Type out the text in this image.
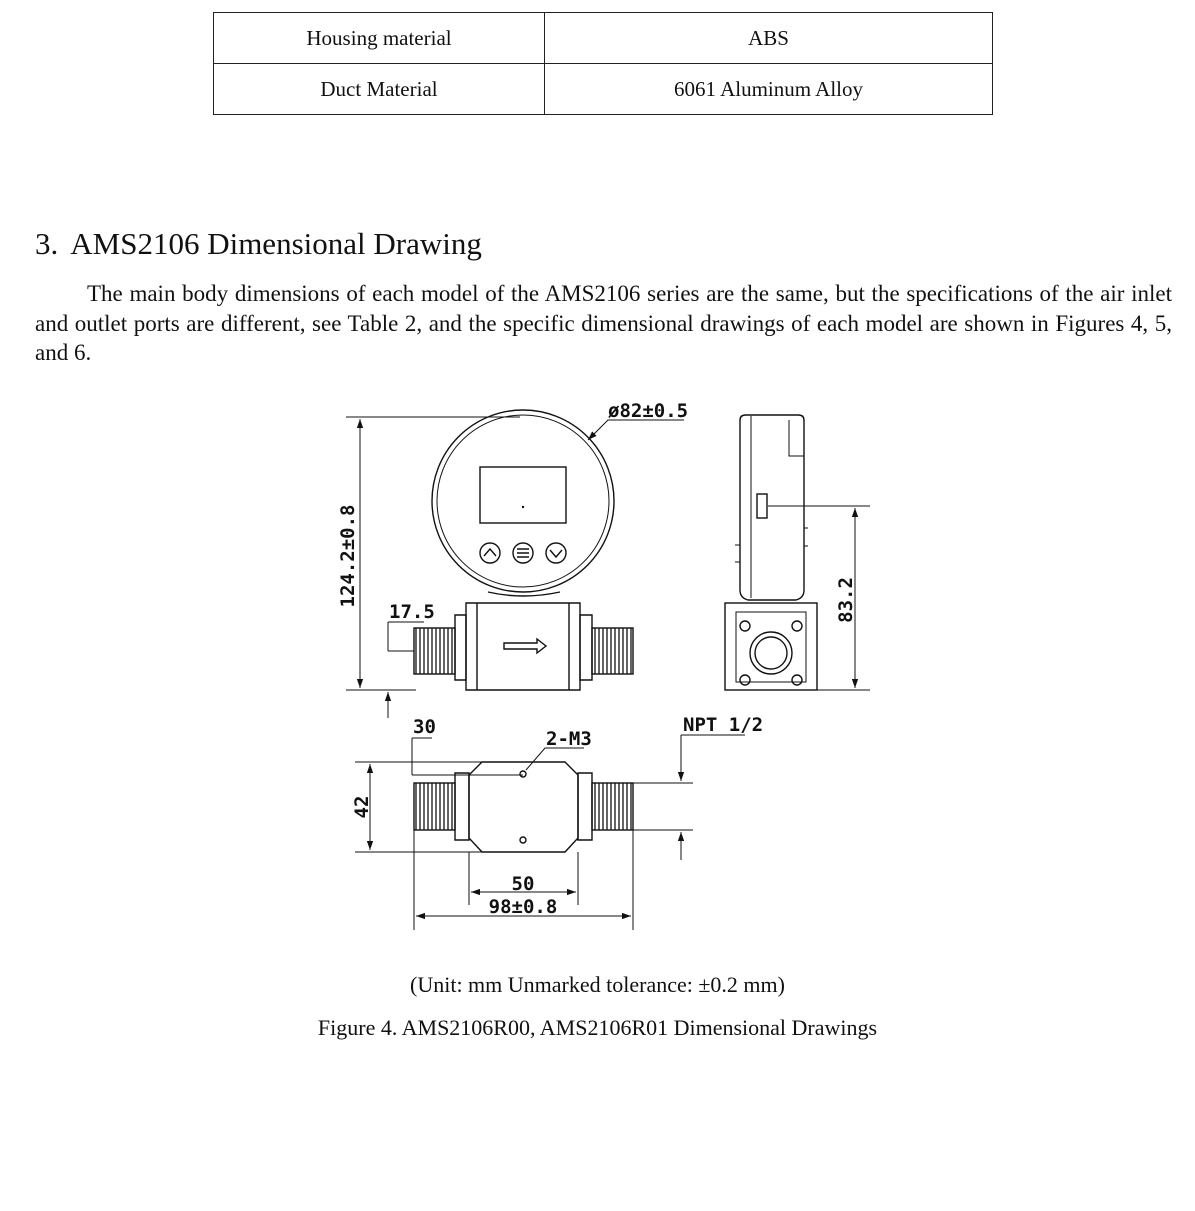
Housing material	ABS
Duct Material	6061 Aluminum Alloy
3. AMS2106 Dimensional Drawing

The main body dimensions of each model of the AMS2106 series are the same, but the specifications of the air inlet and outlet ports are different, see Table 2, and the specific dimensional drawings of each model are shown in Figures 4, 5, and 6.

124.2±0.8
ø82±0.5
17.5	83.2
2-M3
30	NPT 1/2
42
50
98±0.8

(Unit: mm Unmarked tolerance: ±0.2 mm)

Figure 4. AMS2106R00, AMS2106R01 Dimensional Drawings
